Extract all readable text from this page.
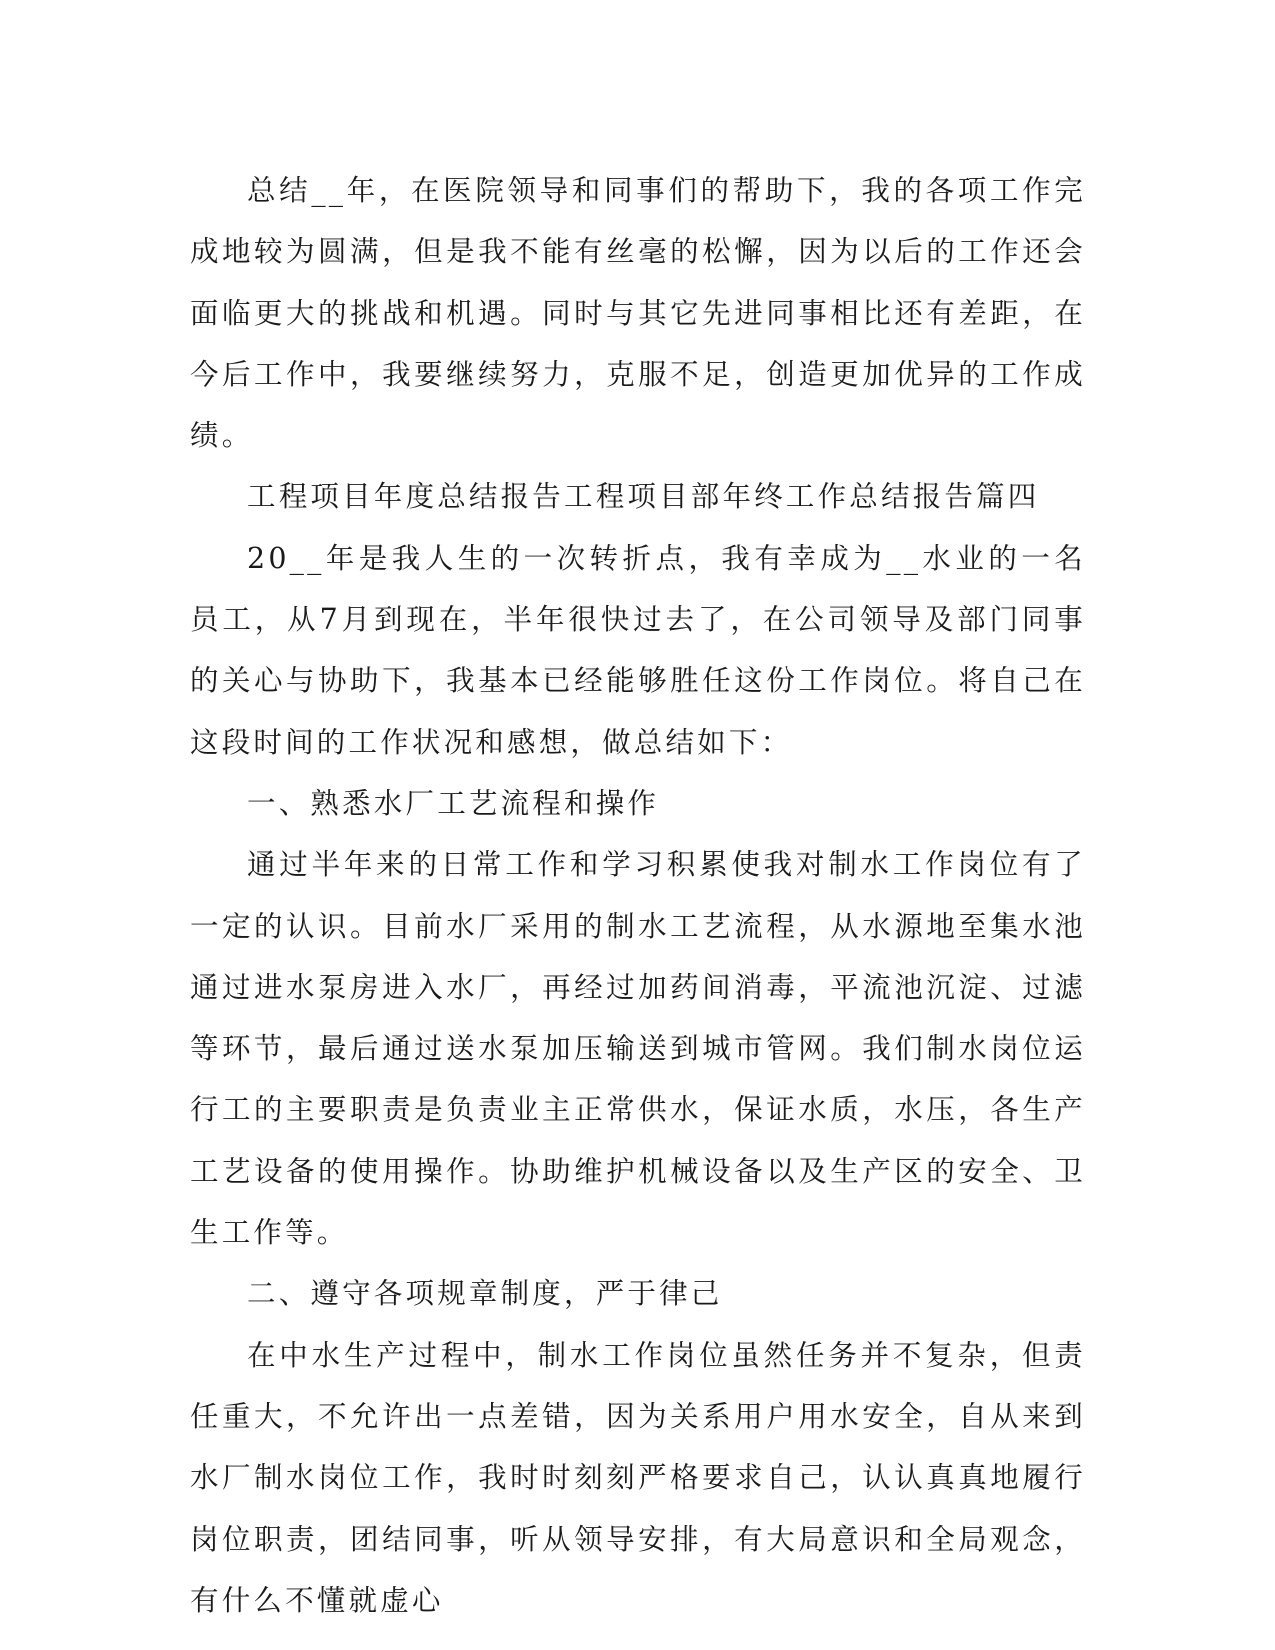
总结__年，在医院领导和同事们的帮助下，我的各项工作完成地较为圆满，但是我不能有丝毫的松懈，因为以后的工作还会面临更大的挑战和机遇。同时与其它先进同事相比还有差距，在今后工作中，我要继续努力，克服不足，创造更加优异的工作成绩。

工程项目年度总结报告工程项目部年终工作总结报告篇四

20__年是我人生的一次转折点，我有幸成为__水业的一名员工，从7月到现在，半年很快过去了，在公司领导及部门同事的关心与协助下，我基本已经能够胜任这份工作岗位。将自己在这段时间的工作状况和感想，做总结如下：

一、熟悉水厂工艺流程和操作

通过半年来的日常工作和学习积累使我对制水工作岗位有了一定的认识。目前水厂采用的制水工艺流程，从水源地至集水池通过进水泵房进入水厂，再经过加药间消毒，平流池沉淀、过滤等环节，最后通过送水泵加压输送到城市管网。我们制水岗位运行工的主要职责是负责业主正常供水，保证水质，水压，各生产工艺设备的使用操作。协助维护机械设备以及生产区的安全、卫生工作等。

二、遵守各项规章制度，严于律己

在中水生产过程中，制水工作岗位虽然任务并不复杂，但责任重大，不允许出一点差错，因为关系用户用水安全，自从来到水厂制水岗位工作，我时时刻刻严格要求自己，认认真真地履行岗位职责，团结同事，听从领导安排，有大局意识和全局观念，有什么不懂就虚心
